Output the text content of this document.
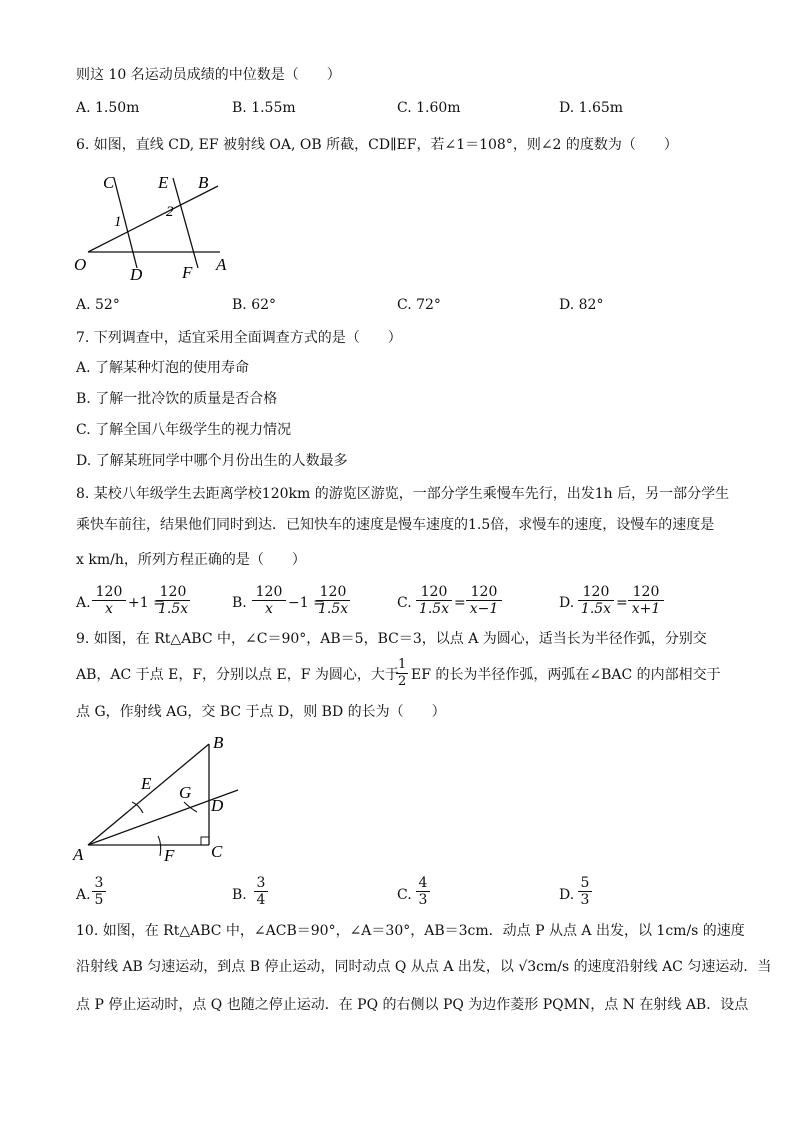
则这 10 名运动员成绩的中位数是（　　）
A. 1.50m	B. 1.55m	C. 1.60m	D. 1.65m
6. 如图，直线 CD, EF 被射线 OA, OB 所截，CD∥EF，若∠1＝108°，则∠2 的度数为（　　）
C	E B
1
2
O
D F A
A. 52°	B. 62°	C. 72°	D. 82°
7. 下列调查中，适宜采用全面调查方式的是（　　）
A. 了解某种灯泡的使用寿命
B. 了解一批冷饮的质量是否合格
C. 了解全国八年级学生的视力情况
D. 了解某班同学中哪个月份出生的人数最多
8. 某校八年级学生去距离学校120km 的游览区游览，一部分学生乘慢车先行，出发1h 后，另一部分学生
乘快车前往，结果他们同时到达．已知快车的速度是慢车速度的1.5倍，求慢车的速度，设慢车的速度是
x km/h，所列方程正确的是（　　）
A. $\frac{120}{x} +1$ =
$\frac{120}{1.5x}$	B. $\frac{120}{x} -1$ =
$\frac{120}{1.5x}$	C. $\frac{120}{1.5x} = \frac{120}{x-1}$	D. $\frac{120}{1.5x} = \frac{120}{x+1}$
9. 如图，在 Rt△ABC 中，∠C＝90°，AB＝5，BC＝3，以点 A 为圆心，适当长为半径作弧，分别交
AB，AC 于点 E，F，分别以点 E，F 为圆心，大于
$\frac{1}{2}$ EF 的长为半径作弧，两弧在∠BAC 的内部相交于
点 G，作射线 AG，交 BC 于点 D，则 BD 的长为（　　）
B
E G
D
A	F C
A. $\frac{3}{5}$	B. $\frac{3}{4}$	C. $\frac{4}{3}$	D. $\frac{5}{3}$
10. 如图，在 Rt△ABC 中，∠ACB＝90°，∠A＝30°，AB＝3cm．动点 P 从点 A 出发，以 1cm/s 的速度
沿射线 AB 匀速运动，到点 B 停止运动，同时动点 Q 从点 A 出发，以 √3cm/s 的速度沿射线 AC 匀速运动．当
点 P 停止运动时，点 Q 也随之停止运动．在 PQ 的右侧以 PQ 为边作菱形 PQMN，点 N 在射线 AB．设点
